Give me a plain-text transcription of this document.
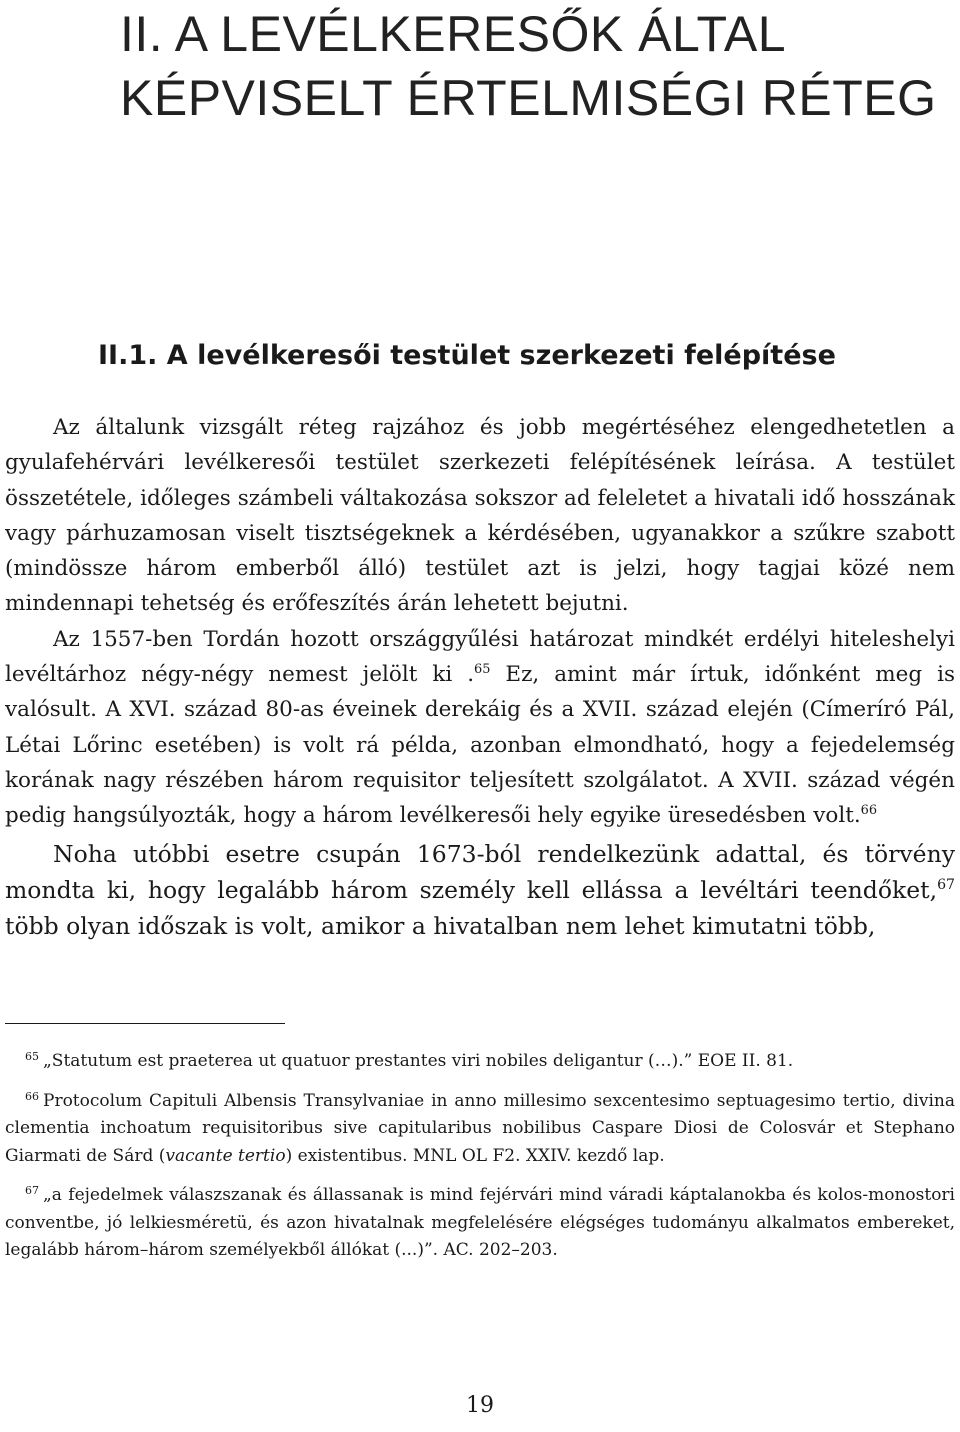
II. A LEVÉLKERESŐK ÁLTAL
KÉPVISELT ÉRTELMISÉGI RÉTEG
II.1. A levélkeresői testület szerkezeti felépítése

Az általunk vizsgált réteg rajzához és jobb megértéséhez elengedhetetlen a gyulafehérvári levélkeresői testület szerkezeti felépítésének leírása. A testület összetétele, időleges számbeli váltakozása sokszor ad feleletet a hivatali idő hosszának vagy párhuzamosan viselt tisztségeknek a kérdésében, ugyanakkor a szűkre szabott (mindössze három emberből álló) testület azt is jelzi, hogy tagjai közé nem mindennapi tehetség és erőfeszítés árán lehetett bejutni.

Az 1557-ben Tordán hozott országgyűlési határozat mindkét erdélyi hiteleshelyi levéltárhoz négy-négy nemest jelölt ki .$^{65}$ Ez, amint már írtuk, időnként meg is valósult. A XVI. század 80-as éveinek derekáig és a XVII. század elején (Címeríró Pál, Létai Lőrinc esetében) is volt rá példa, azonban elmondható, hogy a fejedelemség korának nagy részében három requisitor teljesített szolgálatot. A XVII. század végén pedig hangsúlyozták, hogy a három levélkeresői hely egyike üresedésben volt.$^{66}$

Noha utóbbi esetre csupán 1673-ból rendelkezünk adattal, és törvény mondta ki, hogy legalább három személy kell ellássa a levéltári teendőket,$^{67}$ több olyan időszak is volt, amikor a hivatalban nem lehet kimutatni több,

$^{65}$ „Statutum est praeterea ut quatuor prestantes viri nobiles deligantur (…).” EOE II. 81.

$^{66}$ Protocolum Capituli Albensis Transylvaniae in anno millesimo sexcentesimo septuagesimo tertio, divina clementia inchoatum requisitoribus sive capitularibus nobilibus Caspare Diosi de Colosvár et Stephano Giarmati de Sárd (vacante tertio) existentibus. MNL OL F2. XXIV. kezdő lap.

$^{67}$ „a fejedelmek válaszszanak és állassanak is mind fejérvári mind váradi káptalanokba és kolos-monostori conventbe, jó lelkiesméretü, és azon hivatalnak megfelelésére elégséges tudományu alkalmatos embereket, legalább három–három személyekből állókat (...)”. AC. 202–203.

19
